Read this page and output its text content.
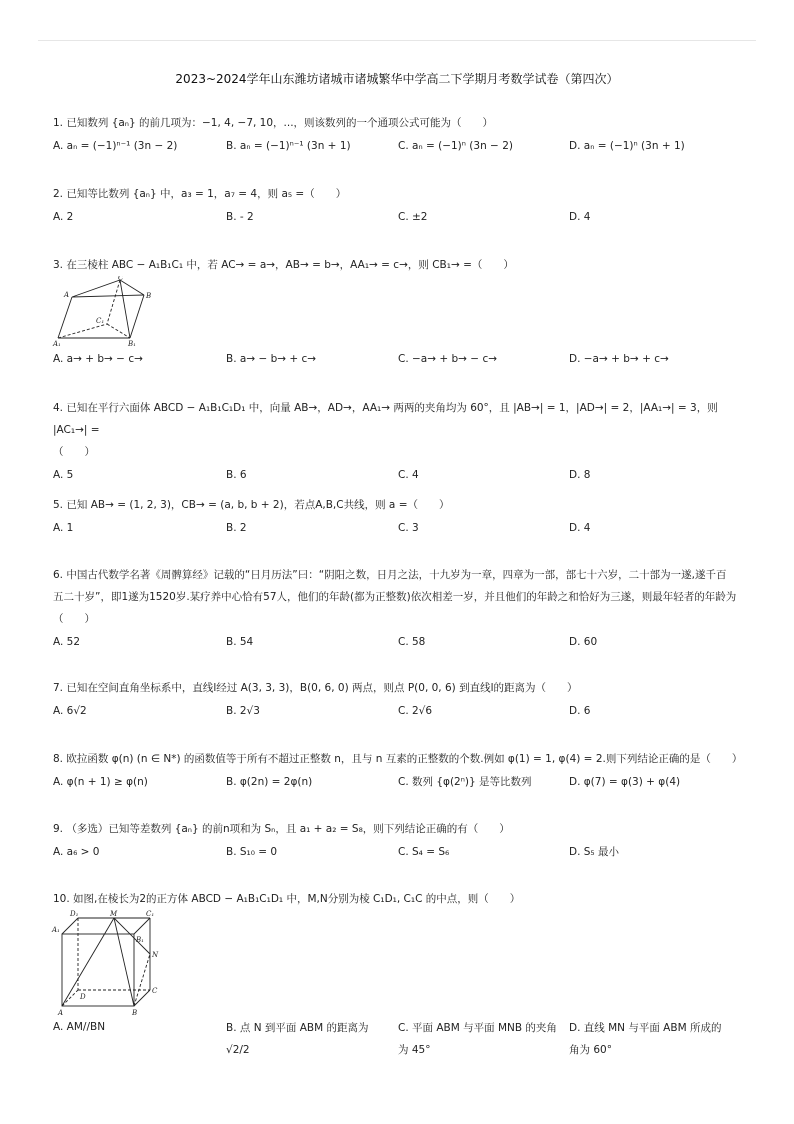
2023~2024学年山东潍坊诸城市诸城繁华中学高二下学期月考数学试卷（第四次）
1. 已知数列 {aₙ} 的前几项为：−1, 4, −7, 10，...，则该数列的一个通项公式可能为（　　）
A. aₙ = (−1)ⁿ⁻¹ (3n − 2)	B. aₙ = (−1)ⁿ⁻¹ (3n + 1)	C. aₙ = (−1)ⁿ (3n − 2)	D. aₙ = (−1)ⁿ (3n + 1)
2. 已知等比数列 {aₙ} 中，a₃ = 1，a₇ = 4，则 a₅ =（　　）
A. 2	B. - 2	C. ±2	D. 4
3. 在三棱柱 ABC − A₁B₁C₁ 中，若 AC→ = a→，AB→ = b→，AA₁→ = c→，则 CB₁→ =（　　）
A	B
C
C₁
A₁	B₁
A. a→ + b→ − c→	B. a→ − b→ + c→	C. −a→ + b→ − c→	D. −a→ + b→ + c→
4. 已知在平行六面体 ABCD − A₁B₁C₁D₁ 中，向量 AB→，AD→，AA₁→ 两两的夹角均为 60°，且 |AB→| = 1，|AD→| = 2，|AA₁→| = 3，则 |AC₁→| =
（　　）
A. 5	B. 6	C. 4	D. 8
5. 已知 AB→ = (1, 2, 3)，CB→ = (a, b, b + 2)，若点A,B,C共线，则 a =（　　）
A. 1	B. 2	C. 3	D. 4
6. 中国古代数学名著《周髀算经》记载的“日月历法”曰：“阴阳之数，日月之法，十九岁为一章，四章为一部，部七十六岁，二十部为一遂,遂千百
五二十岁”，即1遂为1520岁.某疗养中心恰有57人，他们的年龄(都为正整数)依次相差一岁，并且他们的年龄之和恰好为三遂，则最年轻者的年龄为
（　　）
A. 52	B. 54	C. 58	D. 60
7. 已知在空间直角坐标系中，直线l经过 A(3, 3, 3)，B(0, 6, 0) 两点，则点 P(0, 0, 6) 到直线l的距离为（　　）
A. 6√2	B. 2√3	C. 2√6	D. 6
8. 欧拉函数 φ(n) (n ∈ N*) 的函数值等于所有不超过正整数 n，且与 n 互素的正整数的个数.例如 φ(1) = 1, φ(4) = 2.则下列结论正确的是（　　）
A. φ(n + 1) ≥ φ(n)	B. φ(2n) = 2φ(n)	C. 数列 {φ(2ⁿ)} 是等比数列	D. φ(7) = φ(3) + φ(4)
9. （多选）已知等差数列 {aₙ} 的前n项和为 Sₙ，且 a₁ + a₂ = S₈，则下列结论正确的有（　　）
A. a₆ > 0	B. S₁₀ = 0	C. S₄ = S₆	D. S₅ 最小
10. 如图,在棱长为2的正方体 ABCD − A₁B₁C₁D₁ 中，M,N分别为棱 C₁D₁, C₁C 的中点，则（　　）
M	C₁
D₁
A₁
B₁
N
D
C
A	B
A. AM//BN	B. 点 N 到平面 ABM 的距离为 √2/2
C. 平面 ABM 与平面 MNB 的夹角为 45°
D. 直线 MN 与平面 ABM 所成的角为 60°
